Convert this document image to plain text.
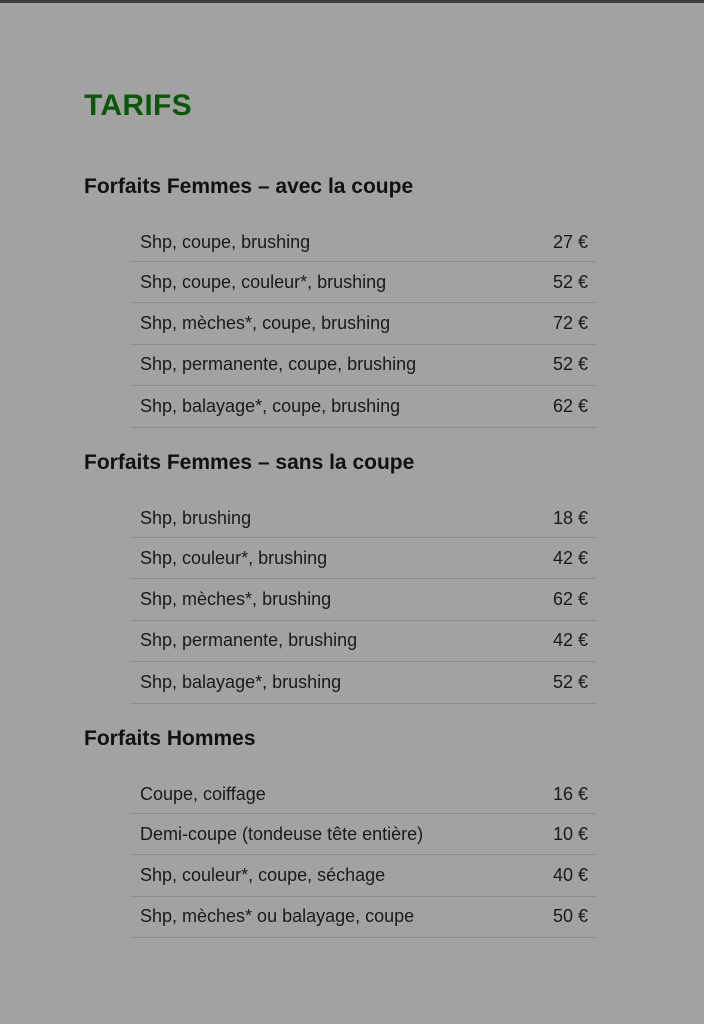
TARIFS
Forfaits Femmes – avec la coupe
Shp, coupe, brushing	27 €
Shp, coupe, couleur*, brushing	52 €
Shp, mèches*, coupe, brushing	72 €
Shp, permanente, coupe, brushing	52 €
Shp, balayage*, coupe, brushing	62 €
Forfaits Femmes – sans la coupe
Shp, brushing	18 €
Shp, couleur*, brushing	42 €
Shp, mèches*, brushing	62 €
Shp, permanente, brushing	42 €
Shp, balayage*, brushing	52 €
Forfaits Hommes
Coupe, coiffage	16 €
Demi-coupe (tondeuse tête entière)	10 €
Shp, couleur*, coupe, séchage	40 €
Shp, mèches* ou balayage, coupe	50 €
